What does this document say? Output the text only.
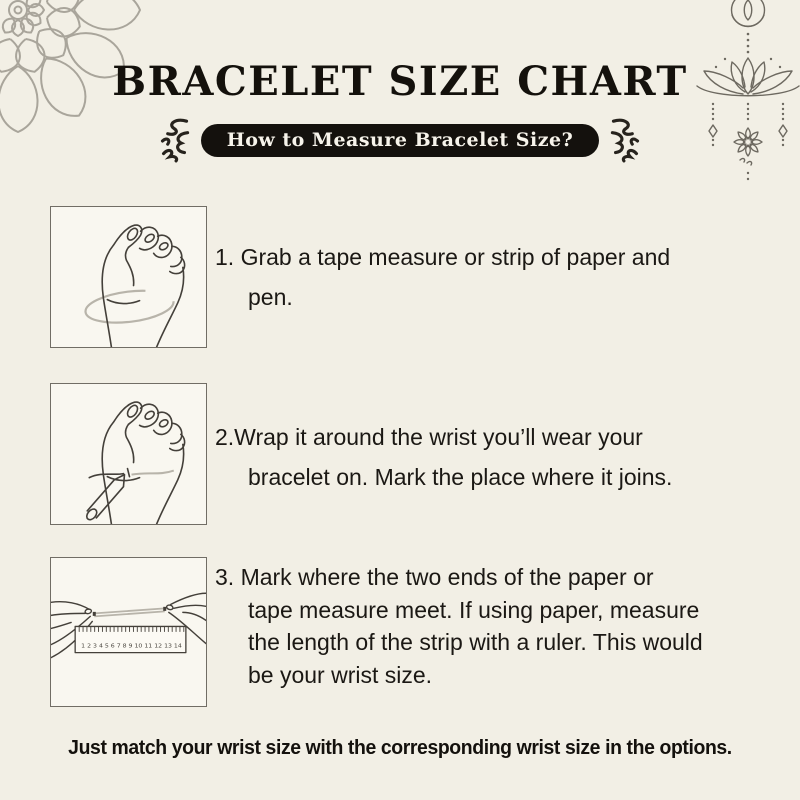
BRACELET SIZE CHART
How to Measure Bracelet Size?
1 2 3 4 5 6 7 8 9 10 11 12 13 14
1. Grab a tape measure or strip of paper and
pen.
2.Wrap it around the wrist you’ll wear your
bracelet on. Mark the place where it joins.
3. Mark where the two ends of the paper or
tape measure meet. If using paper, measure
the length of the strip with a ruler. This would
be your wrist size.
Just match your wrist size with the corresponding wrist size in the options.
